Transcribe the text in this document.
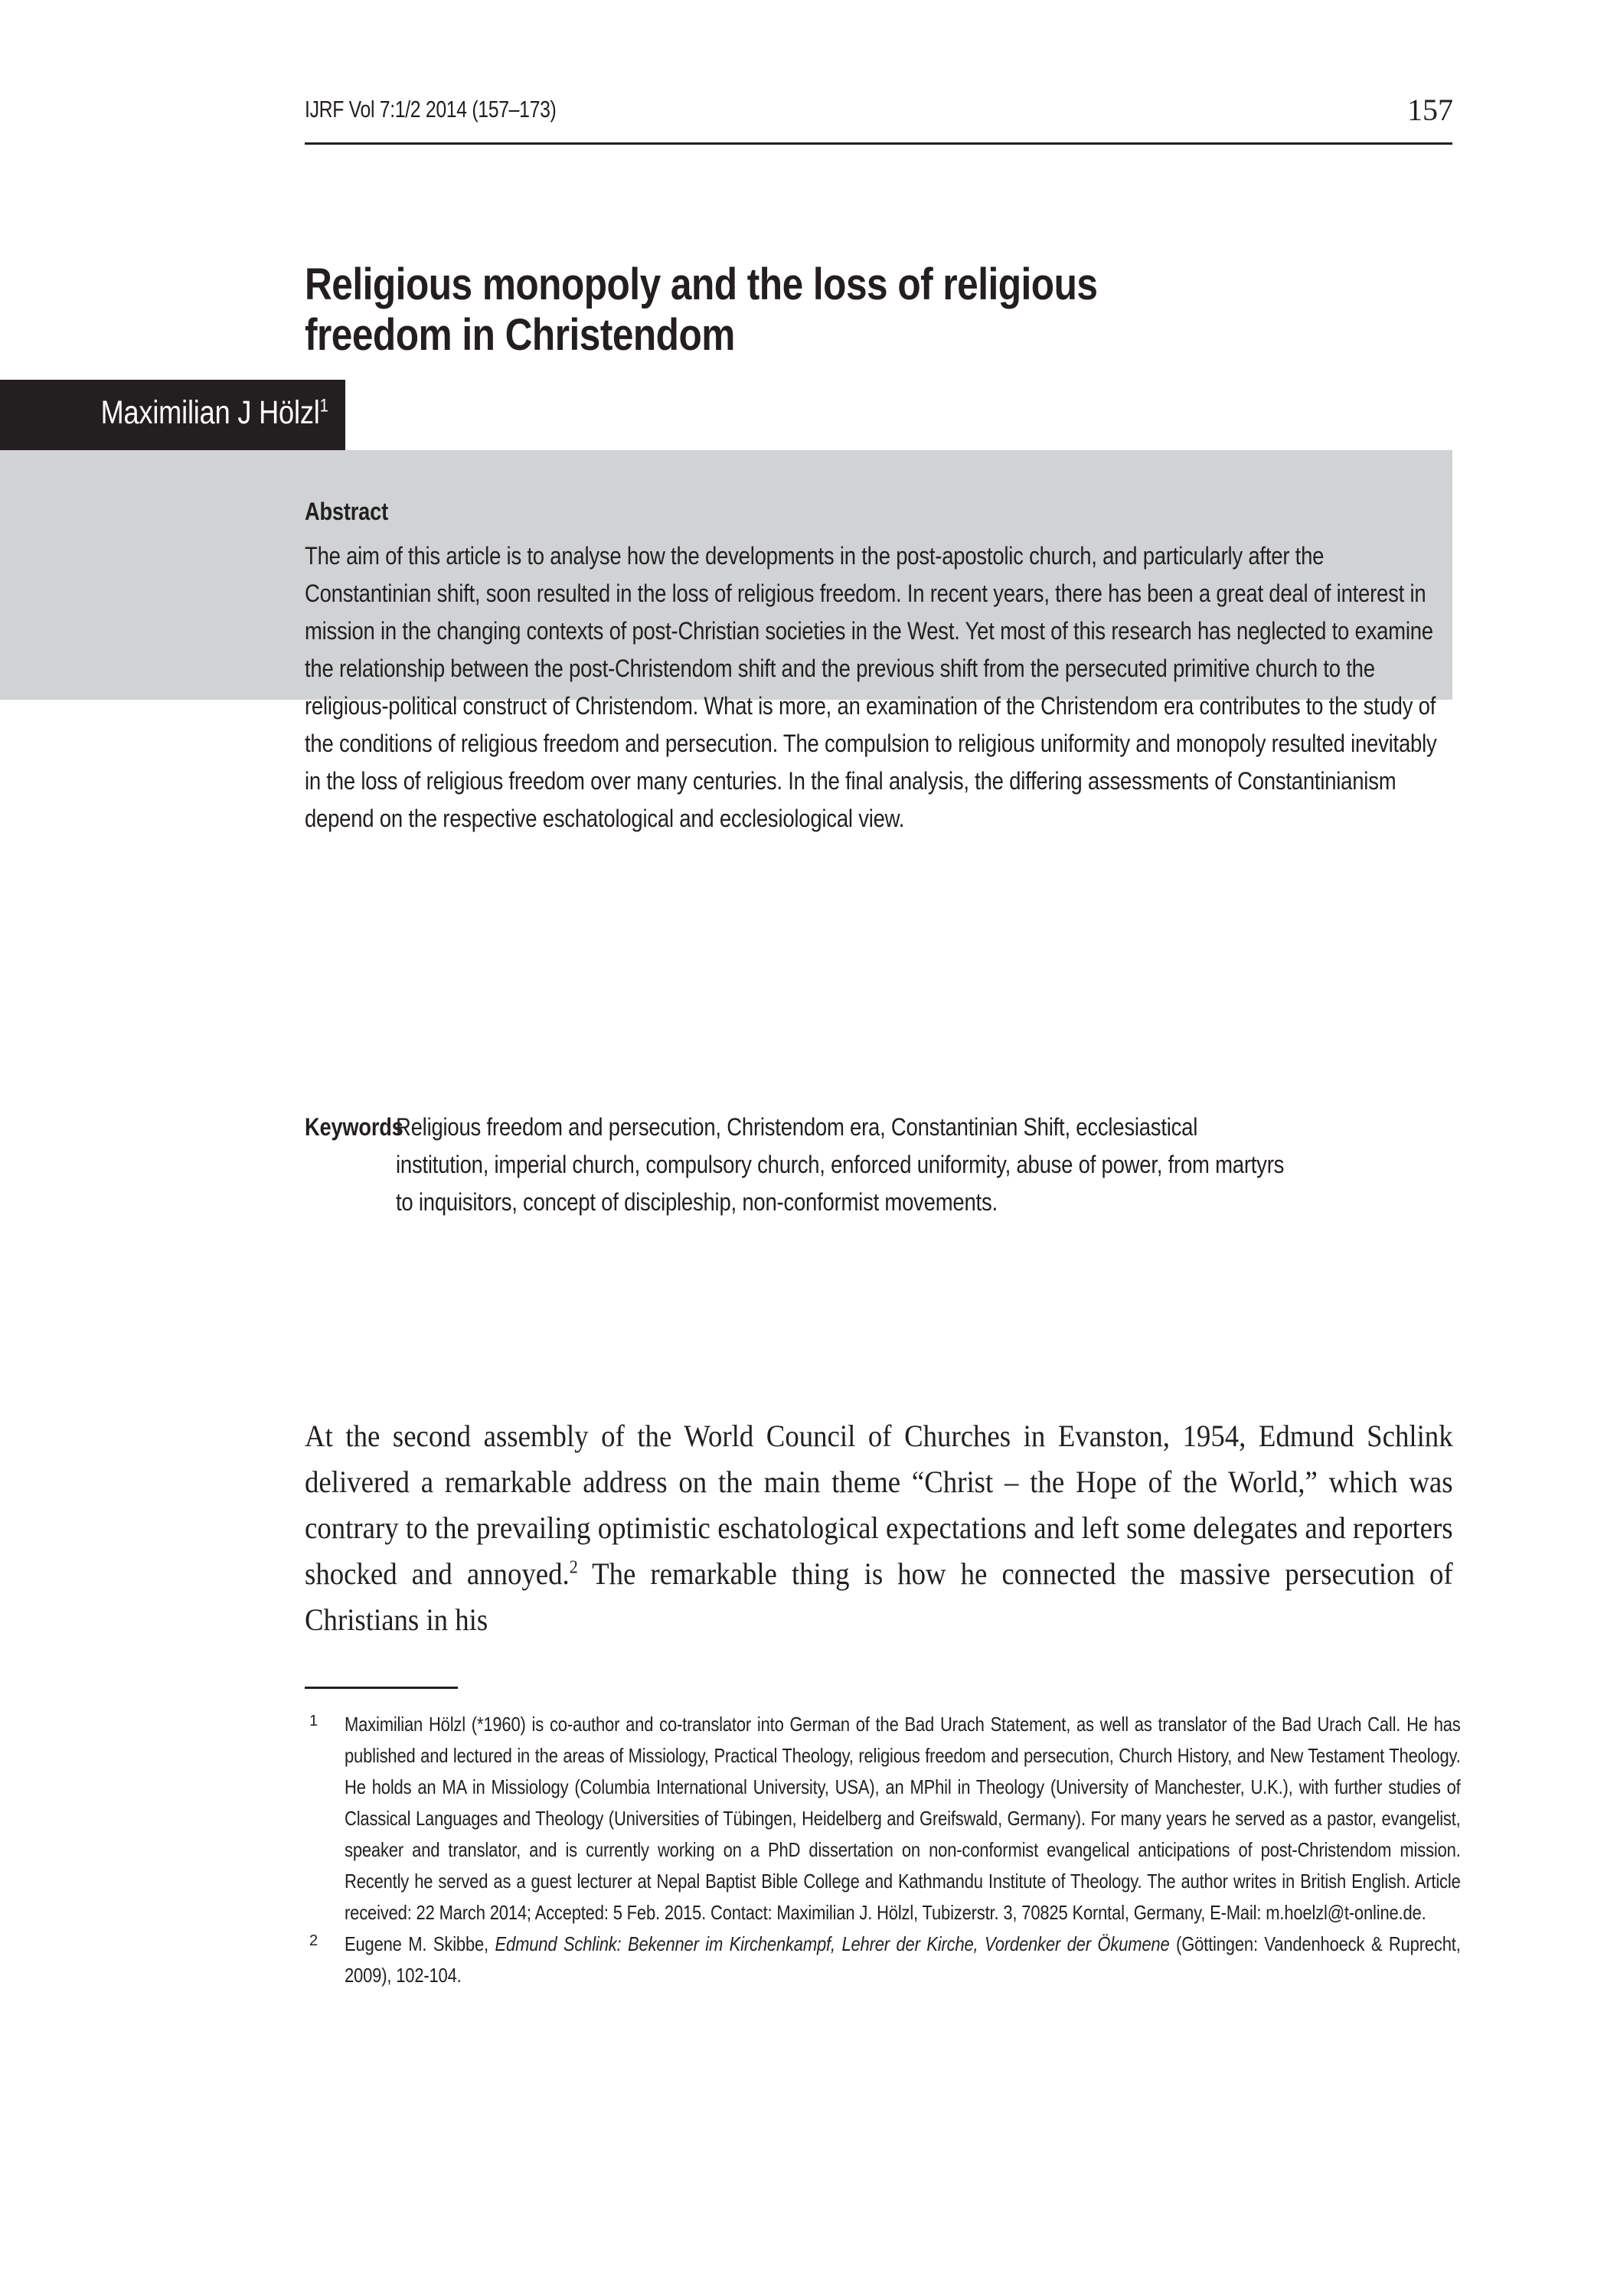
IJRF Vol 7:1/2 2014 (157–173)	157
Religious monopoly and the loss of religious freedom in Christendom
Maximilian J Hölzl$^1$
Abstract
The aim of this article is to analyse how the developments in the post-apostolic church, and particularly after the Constantinian shift, soon resulted in the loss of religious freedom. In recent years, there has been a great deal of interest in mission in the changing contexts of post-Christian societies in the West. Yet most of this research has neglected to examine the relationship between the post-Christendom shift and the previous shift from the persecuted primitive church to the religious-political construct of Christendom. What is more, an examination of the Christendom era contributes to the study of the conditions of religious freedom and persecution. The compulsion to religious uniformity and monopoly resulted inevitably in the loss of religious freedom over many centuries. In the final analysis, the differing assessments of Constantinianism depend on the respective eschatological and ecclesiological view.
Keywords
Religious freedom and persecution, Christendom era, Constantinian Shift, ecclesiastical institution, imperial church, compulsory church, enforced uniformity, abuse of power, from martyrs to inquisitors, concept of discipleship, non-conformist movements.

At the second assembly of the World Council of Churches in Evanston, 1954, Edmund Schlink delivered a remarkable address on the main theme “Christ – the Hope of the World,” which was contrary to the prevailing optimistic eschatological expectations and left some delegates and reporters shocked and annoyed.$^2$ The remarkable thing is how he connected the massive persecution of Christians in his

1 Maximilian Hölzl (*1960) is co-author and co-translator into German of the Bad Urach Statement, as well as translator of the Bad Urach Call. He has published and lectured in the areas of Missiology, Practical Theology, religious freedom and persecution, Church History, and New Testament Theology. He holds an MA in Missiology (Columbia International University, USA), an MPhil in Theology (University of Manchester, U.K.), with further studies of Classical Languages and Theology (Universities of Tübingen, Heidelberg and Greifswald, Germany). For many years he served as a pastor, evangelist, speaker and translator, and is currently working on a PhD dissertation on non-conformist evangelical anticipations of post-Christendom mission. Recently he served as a guest lecturer at Nepal Baptist Bible College and Kathmandu Institute of Theology. The author writes in British English. Article received: 22 March 2014; Accepted: 5 Feb. 2015. Contact: Maximilian J. Hölzl, Tubizerstr. 3, 70825 Korntal, Germany, E-Mail: m.hoelzl@t-online.de.
2 Eugene M. Skibbe, Edmund Schlink: Bekenner im Kirchenkampf, Lehrer der Kirche, Vordenker der Ökumene (Göttingen: Vandenhoeck & Ruprecht, 2009), 102-104.
